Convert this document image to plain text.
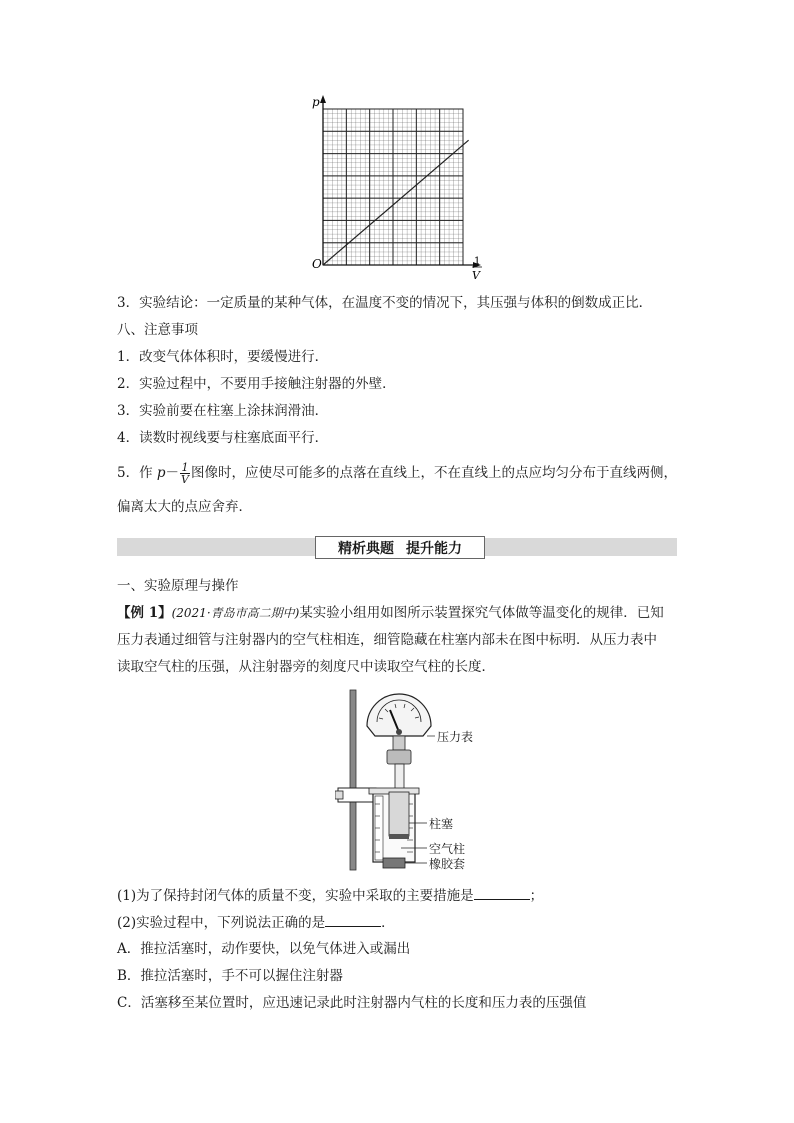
p
O	1
V
3．实验结论：一定质量的某种气体，在温度不变的情况下，其压强与体积的倒数成正比．
八、注意事项
1．改变气体体积时，要缓慢进行．
2．实验过程中，不要用手接触注射器的外壁．
3．实验前要在柱塞上涂抹润滑油．
4．读数时视线要与柱塞底面平行．
5．作 $p- \frac{1}{V}$ 图像时，应使尽可能多的点落在直线上，不在直线上的点应均匀分布于直线两侧，
偏离太大的点应舍弃．
精析典题 提升能力
一、实验原理与操作
【例 1】(2021·青岛市高二期中)某实验小组用如图所示装置探究气体做等温变化的规律．已知
压力表通过细管与注射器内的空气柱相连，细管隐藏在柱塞内部未在图中标明．从压力表中
读取空气柱的压强，从注射器旁的刻度尺中读取空气柱的长度．
压力表
柱塞
空气柱
橡胶套
(1)为了保持封闭气体的质量不变，实验中采取的主要措施是	；
(2)实验过程中，下列说法正确的是	．
A．推拉活塞时，动作要快，以免气体进入或漏出
B．推拉活塞时，手不可以握住注射器
C．活塞移至某位置时，应迅速记录此时注射器内气柱的长度和压力表的压强值
